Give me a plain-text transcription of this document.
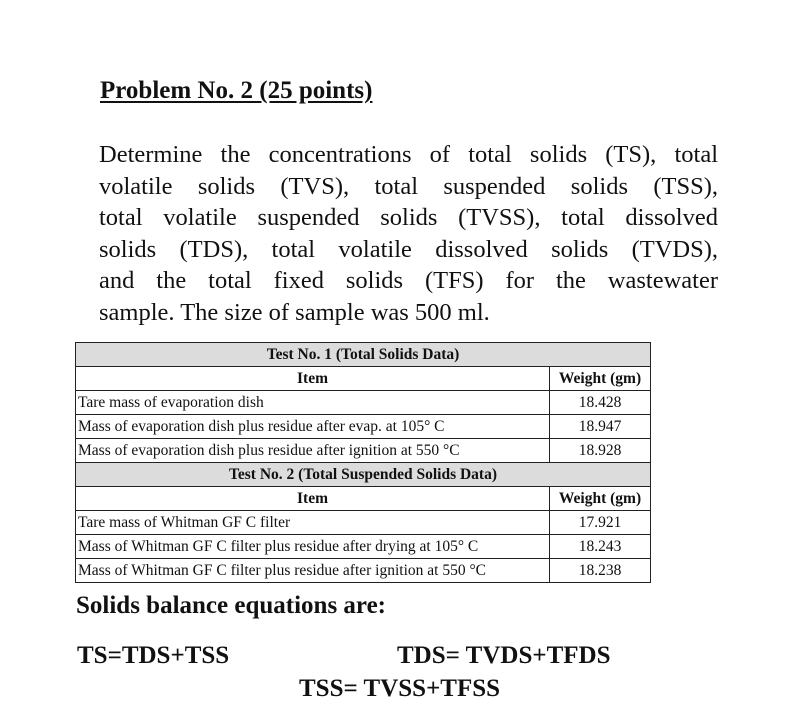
Problem No. 2 (25 points)

Determine the concentrations of total solids (TS), total
volatile solids (TVS), total suspended solids (TSS),
total volatile suspended solids (TVSS), total dissolved
solids (TDS), total volatile dissolved solids (TVDS),
and the total fixed solids (TFS) for the wastewater
sample. The size of sample was 500 ml.

Test No. 1 (Total Solids Data)	
Item	Weight (gm)
Tare mass of evaporation dish	18.428
Mass of evaporation dish plus residue after evap. at 105° C	18.947
Mass of evaporation dish plus residue after ignition at 550 °C	18.928
Test No. 2 (Total Suspended Solids Data)	
Item	Weight (gm)
Tare mass of Whitman GF C filter	17.921
Mass of Whitman GF C filter plus residue after drying at 105° C	18.243
Mass of Whitman GF C filter plus residue after ignition at 550 °C	18.238
Solids balance equations are:
TS=TDS+TSS	TDS= TVDS+TFDS
TSS= TVSS+TFSS
